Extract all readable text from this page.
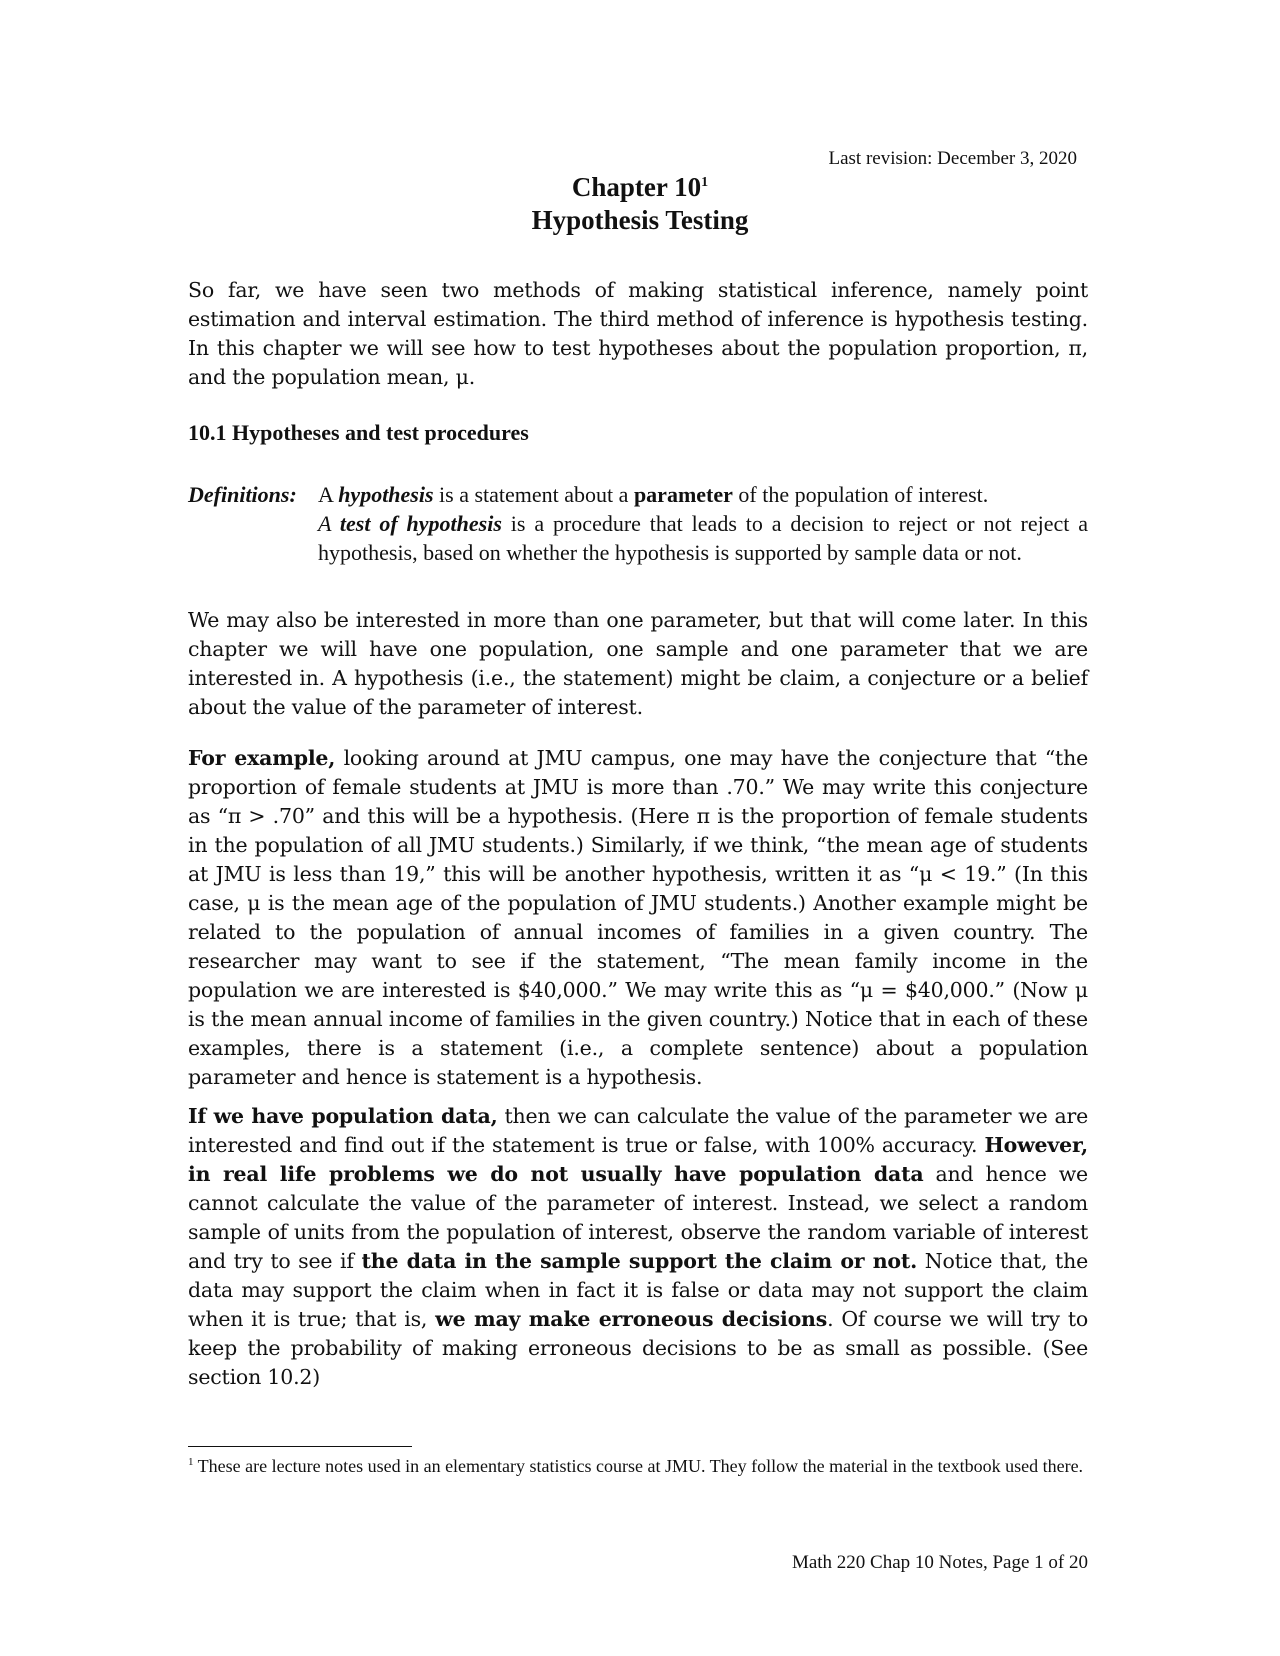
Last revision: December 3, 2020
Chapter $10^1$
Hypothesis Testing
So far, we have seen two methods of making statistical inference, namely point estimation and interval estimation. The third method of inference is hypothesis testing. In this chapter we will see how to test hypotheses about the population proportion, π, and the population mean, μ.
10.1 Hypotheses and test procedures
Definitions: A hypothesis is a statement about a parameter of the population of interest.
A test of hypothesis is a procedure that leads to a decision to reject or not reject a hypothesis, based on whether the hypothesis is supported by sample data or not.
We may also be interested in more than one parameter, but that will come later. In this chapter we will have one population, one sample and one parameter that we are interested in. A hypothesis (i.e., the statement) might be claim, a conjecture or a belief about the value of the parameter of interest.
For example, looking around at JMU campus, one may have the conjecture that “the proportion of female students at JMU is more than .70.” We may write this conjecture as “π > .70” and this will be a hypothesis. (Here π is the proportion of female students in the population of all JMU students.) Similarly, if we think, “the mean age of students at JMU is less than 19,” this will be another hypothesis, written it as “μ < 19.” (In this case, μ is the mean age of the population of JMU students.) Another example might be related to the population of annual incomes of families in a given country. The researcher may want to see if the statement, “The mean family income in the population we are interested is $40,000.” We may write this as “μ = $40,000.” (Now μ is the mean annual income of families in the given country.) Notice that in each of these examples, there is a statement (i.e., a complete sentence) about a population parameter and hence is statement is a hypothesis.
If we have population data, then we can calculate the value of the parameter we are interested and find out if the statement is true or false, with 100% accuracy. However, in real life problems we do not usually have population data and hence we cannot calculate the value of the parameter of interest. Instead, we select a random sample of units from the population of interest, observe the random variable of interest and try to see if the data in the sample support the claim or not. Notice that, the data may support the claim when in fact it is false or data may not support the claim when it is true; that is, we may make erroneous decisions. Of course we will try to keep the probability of making erroneous decisions to be as small as possible. (See section 10.2)
$^1$ These are lecture notes used in an elementary statistics course at JMU. They follow the material in the textbook used there.
Math 220 Chap 10 Notes, Page 1 of 20
